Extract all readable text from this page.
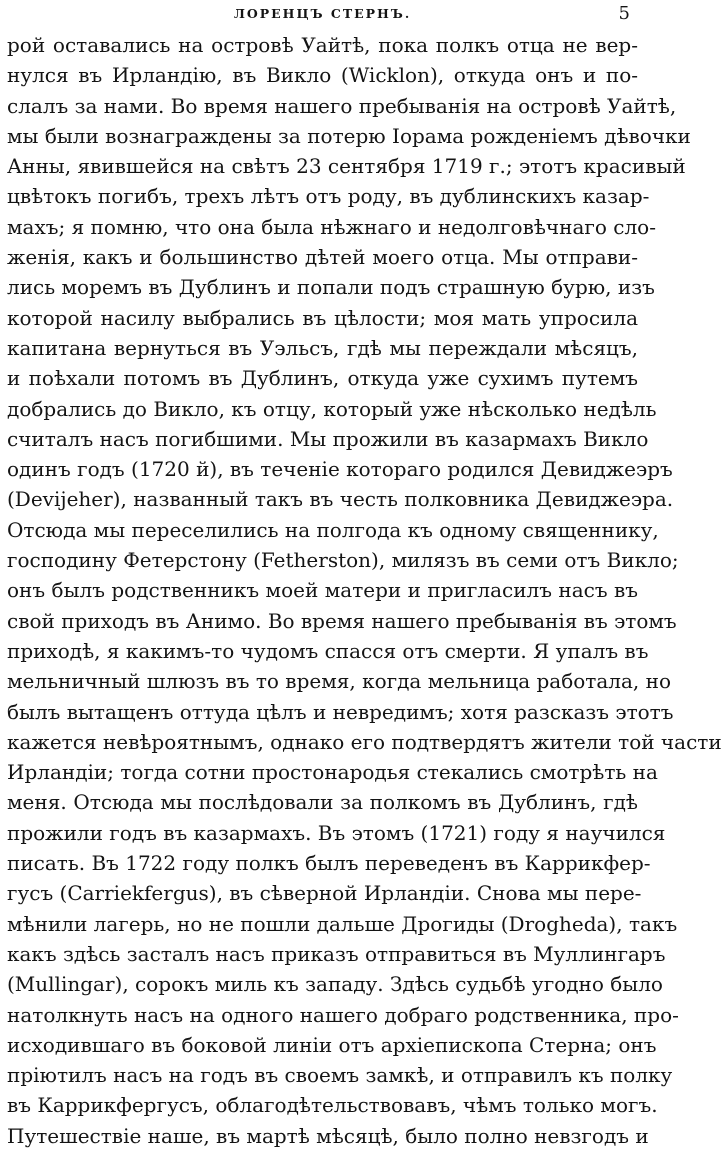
ЛОРЕНЦЪ СТЕРНЪ.	5
рой оставались на островѣ Уайтѣ, пока полкъ отца не вер-
нулся въ Ирландію, въ Викло (Wicklon), откуда онъ и по-
слалъ за нами. Во время нашего пребыванія на островѣ Уайтѣ,
мы были вознаграждены за потерю Іорама рожденіемъ дѣвочки
Анны, явившейся на свѣтъ 23 сентября 1719 г.; этотъ красивый
цвѣтокъ погибъ, трехъ лѣтъ отъ роду, въ дублинскихъ казар-
махъ; я помню, что она была нѣжнаго и недолговѣчнаго сло-
женія, какъ и большинство дѣтей моего отца. Мы отправи-
лись моремъ въ Дублинъ и попали подъ страшную бурю, изъ
которой насилу выбрались въ цѣлости; моя мать упросила
капитана вернуться въ Уэльсъ, гдѣ мы переждали мѣсяцъ,
и поѣхали потомъ въ Дублинъ, откуда уже сухимъ путемъ
добрались до Викло, къ отцу, который уже нѣсколько недѣль
считалъ насъ погибшими. Мы прожили въ казармахъ Викло
одинъ годъ (1720 й), въ теченіе котораго родился Девиджеэръ
(Devijeher), названный такъ въ честь полковника Девиджеэра.
Отсюда мы переселились на полгода къ одному священнику,
господину Фетерстону (Fetherston), милязъ въ семи отъ Викло;
онъ былъ родственникъ моей матери и пригласилъ насъ въ
свой приходъ въ Анимо. Во время нашего пребыванія въ этомъ
приходѣ, я какимъ-то чудомъ спасся отъ смерти. Я упалъ въ
мельничный шлюзъ въ то время, когда мельница работала, но
былъ вытащенъ оттуда цѣлъ и невредимъ; хотя разсказъ этотъ
кажется невѣроятнымъ, однако его подтвердятъ жители той части
Ирландіи; тогда сотни простонародья стекались смотрѣть на
меня. Отсюда мы послѣдовали за полкомъ въ Дублинъ, гдѣ
прожили годъ въ казармахъ. Въ этомъ (1721) году я научился
писать. Въ 1722 году полкъ былъ переведенъ въ Каррикфер-
гусъ (Carriekfergus), въ сѣверной Ирландіи. Снова мы пере-
мѣнили лагерь, но не пошли дальше Дрогиды (Drogheda), такъ
какъ здѣсь засталъ насъ приказъ отправиться въ Муллингаръ
(Mullingar), сорокъ миль къ западу. Здѣсь судьбѣ угодно было
натолкнуть насъ на одного нашего добраго родственника, про-
исходившаго въ боковой линіи отъ архіепископа Стерна; онъ
пріютилъ насъ на годъ въ своемъ замкѣ, и отправилъ къ полку
въ Каррикфергусъ, облагодѣтельствовавъ, чѣмъ только могъ.
Путешествіе наше, въ мартѣ мѣсяцѣ, было полно невзгодъ и
